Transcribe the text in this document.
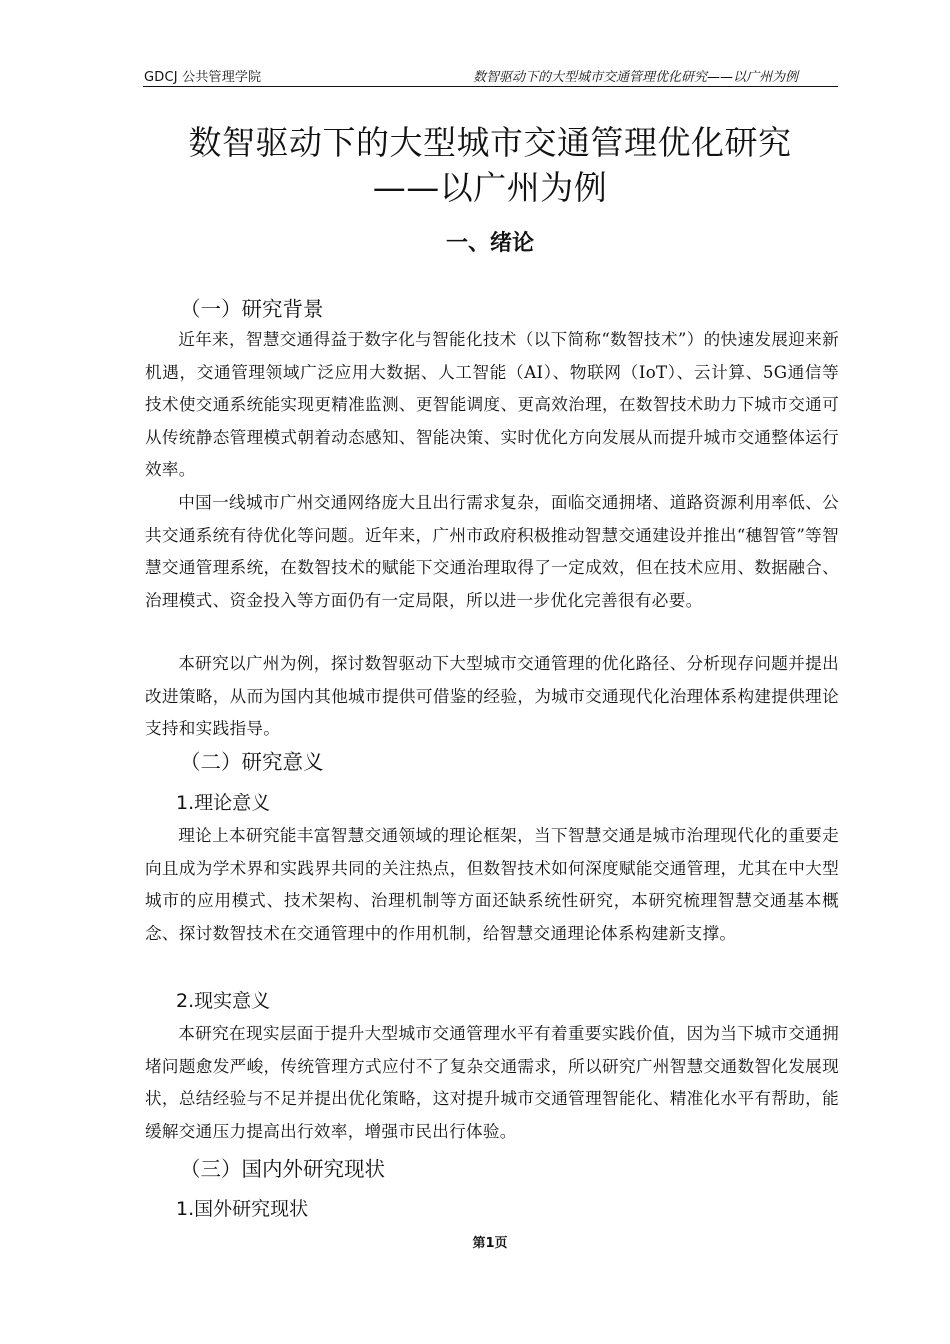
GDCJ 公共管理学院	数智驱动下的大型城市交通管理优化研究——以广州为例
数智驱动下的大型城市交通管理优化研究
——以广州为例
一、绪论
（一）研究背景

近年来，智慧交通得益于数字化与智能化技术（以下简称“数智技术”）的快速发展迎来新机遇，交通管理领域广泛应用大数据、人工智能（AI）、物联网（IoT）、云计算、5G通信等技术使交通系统能实现更精准监测、更智能调度、更高效治理，在数智技术助力下城市交通可从传统静态管理模式朝着动态感知、智能决策、实时优化方向发展从而提升城市交通整体运行效率。

中国一线城市广州交通网络庞大且出行需求复杂，面临交通拥堵、道路资源利用率低、公共交通系统有待优化等问题。近年来，广州市政府积极推动智慧交通建设并推出“穗智管”等智慧交通管理系统，在数智技术的赋能下交通治理取得了一定成效，但在技术应用、数据融合、治理模式、资金投入等方面仍有一定局限，所以进一步优化完善很有必要。

本研究以广州为例，探讨数智驱动下大型城市交通管理的优化路径、分析现存问题并提出改进策略，从而为国内其他城市提供可借鉴的经验，为城市交通现代化治理体系构建提供理论支持和实践指导。

（二）研究意义
1.理论意义

理论上本研究能丰富智慧交通领域的理论框架，当下智慧交通是城市治理现代化的重要走向且成为学术界和实践界共同的关注热点，但数智技术如何深度赋能交通管理，尤其在中大型城市的应用模式、技术架构、治理机制等方面还缺系统性研究，本研究梳理智慧交通基本概念、探讨数智技术在交通管理中的作用机制，给智慧交通理论体系构建新支撑。

2.现实意义

本研究在现实层面于提升大型城市交通管理水平有着重要实践价值，因为当下城市交通拥堵问题愈发严峻，传统管理方式应付不了复杂交通需求，所以研究广州智慧交通数智化发展现状，总结经验与不足并提出优化策略，这对提升城市交通管理智能化、精准化水平有帮助，能缓解交通压力提高出行效率，增强市民出行体验。

（三）国内外研究现状
1.国外研究现状
第1页
